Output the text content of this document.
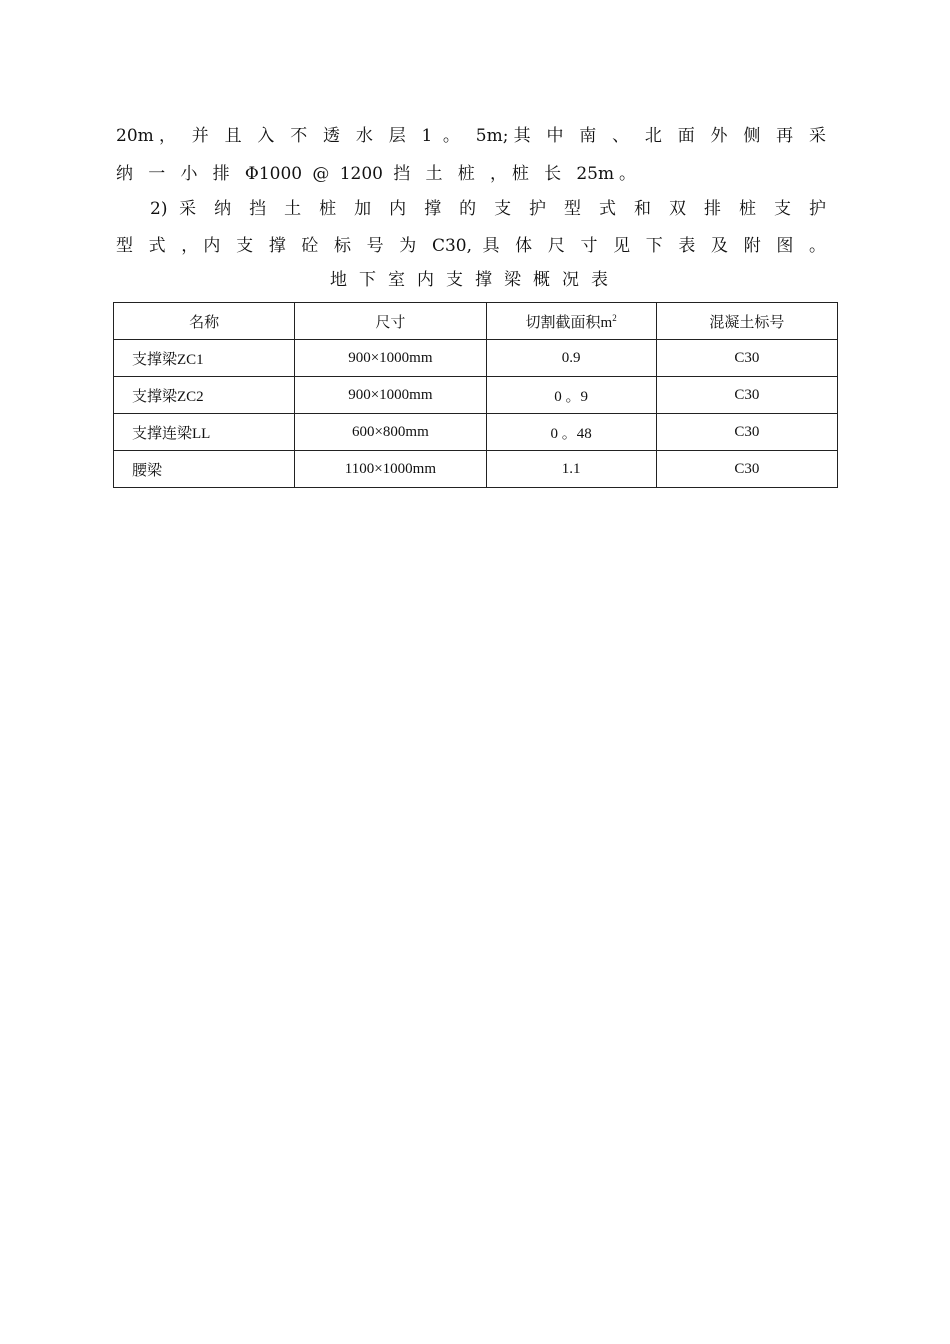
20m， 并 且 入 不 透 水 层 1 。 5m;其 中 南 、 北 面 外 侧 再 采
纳 一 小 排 Φ1000 @ 1200 挡 土 桩 ，桩 长 25m。
2) 采 纳 挡 土 桩 加 内 撑 的 支 护 型 式 和 双 排 桩 支 护
型 式 ，内 支 撑 砼 标 号 为 C30, 具 体 尺 寸 见 下 表 及 附 图 。
地下室内支撑梁概况表
名称	尺寸	切割截面积$m^2$	混凝土标号
支撑梁ZC1	900×1000mm	0.9	C30
支撑梁ZC2	900×1000mm	0 。9	C30
支撑连梁LL	600×800mm	0 。48	C30
腰梁	1100×1000mm	1.1	C30
